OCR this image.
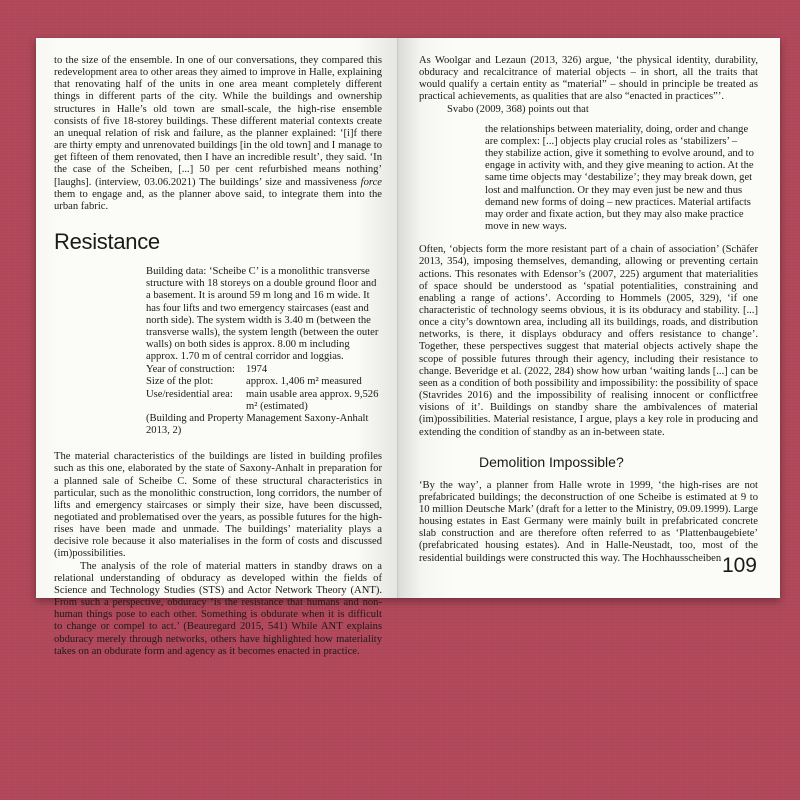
to the size of the ensemble. In one of our conversations, they compared this redevelopment area to other areas they aimed to improve in Halle, explaining that renovating half of the units in one area meant completely different things in different parts of the city. While the buildings and ownership structures in Halle’s old town are small-scale, the high-rise ensemble consists of five 18-storey buildings. These different material contexts create an unequal relation of risk and failure, as the planner explained: ‘[i]f there are thirty empty and unrenovated buildings [in the old town] and I manage to get fifteen of them renovated, then I have an incredible result’, they said. ‘In the case of the Scheiben, [...] 50 per cent refurbished means nothing’ [laughs]. (interview, 03.06.2021) The buildings’ size and massiveness force them to engage and, as the planner above said, to integrate them into the urban fabric.

Resistance

Building data: ‘Scheibe C’ is a monolithic transverse structure with 18 storeys on a double ground floor and a basement. It is around 59 m long and 16 m wide. It has four lifts and two emergency staircases (east and north side). The system width is 3.40 m (between the transverse walls), the system length (between the outer walls) on both sides is approx. 8.00 m including approx. 1.70 m of central corridor and loggias.

Year of construction:	1974
Size of the plot:	approx. 1,406 m² measured
Use/residential area:	main usable area approx. 9,526 m² (estimated)
(Building and Property Management Saxony-Anhalt 2013, 2)

The material characteristics of the buildings are listed in building profiles such as this one, elaborated by the state of Saxony-Anhalt in preparation for a planned sale of Scheibe C. Some of these structural characteristics in particular, such as the monolithic construction, long corridors, the number of lifts and emergency staircases or simply their size, have been discussed, negotiated and problematised over the years, as possible futures for the high-rises have been made and unmade. The buildings’ materiality plays a decisive role because it also materialises in the form of costs and discussed (im)possibilities.

The analysis of the role of material matters in standby draws on a relational understanding of obduracy as developed within the fields of Science and Technology Studies (STS) and Actor Network Theory (ANT). From such a perspective, obduracy ‘is the resistance that humans and non-human things pose to each other. Something is obdurate when it is difficult to change or compel to act.’ (Beauregard 2015, 541) While ANT explains obduracy merely through networks, others have highlighted how materiality takes on an obdurate form and agency as it becomes enacted in practice.

As Woolgar and Lezaun (2013, 326) argue, ‘the physical identity, durability, obduracy and recalcitrance of material objects – in short, all the traits that would qualify a certain entity as “material” – should in principle be treated as practical achievements, as qualities that are also “enacted in practices”’.

Svabo (2009, 368) points out that

the relationships between materiality, doing, order and change are complex: [...] objects play crucial roles as ‘stabilizers’ – they stabilize action, give it something to evolve around, and to engage in activity with, and they give meaning to action. At the same time objects may ‘destabilize’; they may break down, get lost and malfunction. Or they may even just be new and thus demand new forms of doing – new practices. Material artifacts may order and fixate action, but they may also make practice move in new ways.

Often, ‘objects form the more resistant part of a chain of association’ (Schäfer 2013, 354), imposing themselves, demanding, allowing or preventing certain actions. This resonates with Edensor’s (2007, 225) argument that materialities of space should be understood as ‘spatial potentialities, constraining and enabling a range of actions’. According to Hommels (2005, 329), ‘if one characteristic of technology seems obvious, it is its obduracy and stability. [...] once a city’s downtown area, including all its buildings, roads, and distribution networks, is there, it displays obduracy and offers resistance to change’. Together, these perspectives suggest that material objects actively shape the scope of possible futures through their agency, including their resistance to change. Beveridge et al. (2022, 284) show how urban ‘waiting lands [...] can be seen as a condition of both possibility and impossibility: the possibility of space (Stavrides 2016) and the impossibility of realising innocent or conflictfree visions of it’. Buildings on standby share the ambivalences of material (im)possibilities. Material resistance, I argue, plays a key role in producing and extending the condition of standby as an in-between state.

Demolition Impossible?

‘By the way’, a planner from Halle wrote in 1999, ‘the high-rises are not prefabricated buildings; the deconstruction of one Scheibe is estimated at 9 to 10 million Deutsche Mark’ (draft for a letter to the Ministry, 09.09.1999). Large housing estates in East Germany were mainly built in prefabricated concrete slab construction and are therefore often referred to as ‘Plattenbaugebiete’ (prefabricated housing estates). And in Halle-Neustadt, too, most of the residential buildings were constructed this way. The Hochhausscheiben 109
